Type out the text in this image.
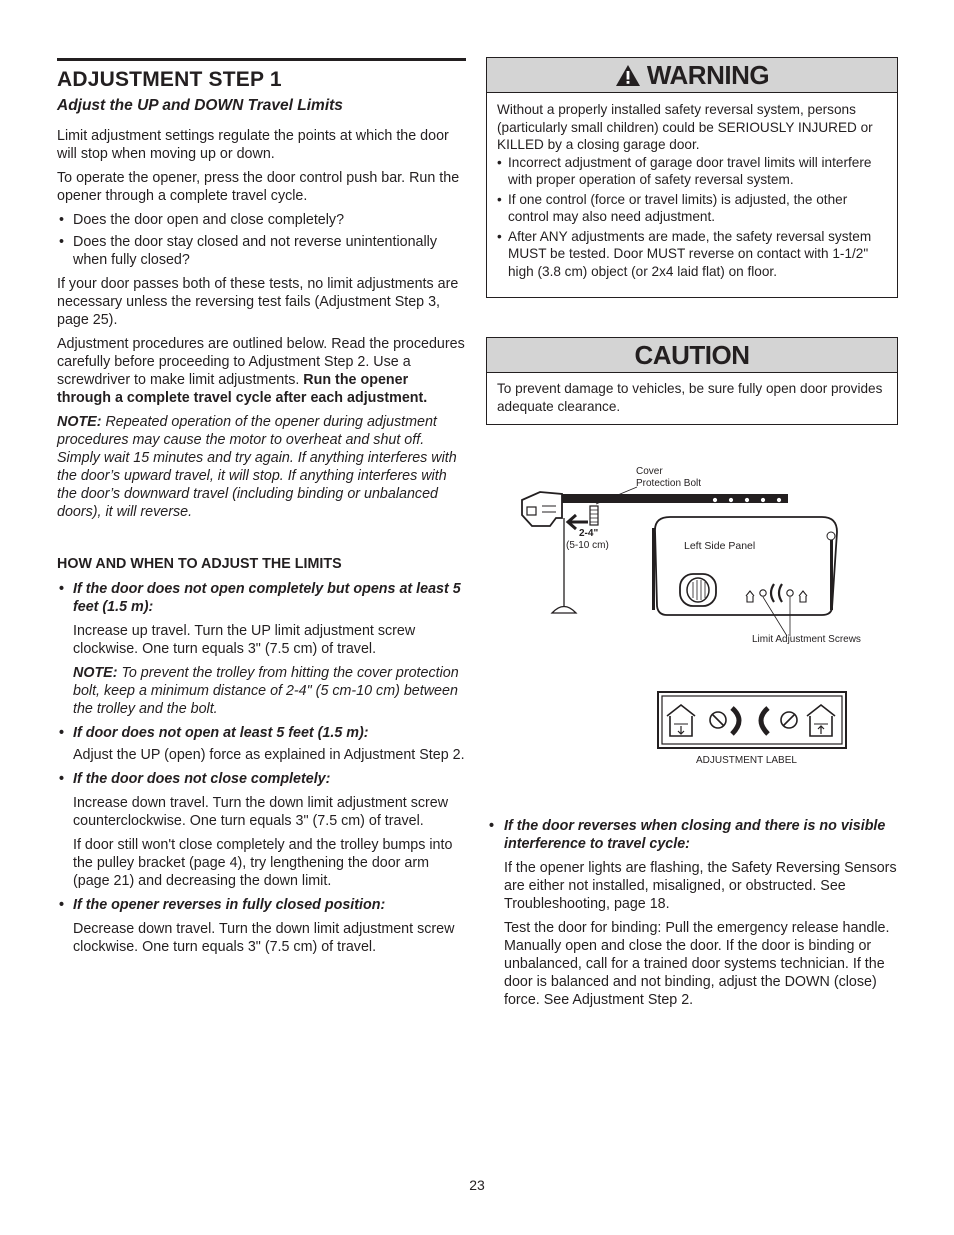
ADJUSTMENT STEP 1
Adjust the UP and DOWN Travel Limits

Limit adjustment settings regulate the points at which the door will stop when moving up or down.

To operate the opener, press the door control push bar. Run the opener through a complete travel cycle.

• Does the door open and close completely?
• Does the door stay closed and not reverse unintentionally when fully closed?

If your door passes both of these tests, no limit adjustments are necessary unless the reversing test fails (Adjustment Step 3, page 25).

Adjustment procedures are outlined below. Read the procedures carefully before proceeding to Adjustment Step 2. Use a screwdriver to make limit adjustments. Run the opener through a complete travel cycle after each adjustment.

NOTE: Repeated operation of the opener during adjustment procedures may cause the motor to overheat and shut off. Simply wait 15 minutes and try again. If anything interferes with the door’s upward travel, it will stop. If anything interferes with the door’s downward travel (including binding or unbalanced doors), it will reverse.

HOW AND WHEN TO ADJUST THE LIMITS
• If the door does not open completely but opens at least 5 feet (1.5 m):

Increase up travel. Turn the UP limit adjustment screw clockwise. One turn equals 3" (7.5 cm) of travel.

NOTE: To prevent the trolley from hitting the cover protection bolt, keep a minimum distance of 2-4" (5 cm-10 cm) between the trolley and the bolt.

• If door does not open at least 5 feet (1.5 m):

Adjust the UP (open) force as explained in Adjustment Step 2.

• If the door does not close completely:

Increase down travel. Turn the down limit adjustment screw counterclockwise. One turn equals 3" (7.5 cm) of travel.

If door still won't close completely and the trolley bumps into the pulley bracket (page 4), try lengthening the door arm (page 21) and decreasing the down limit.

• If the opener reverses in fully closed position:

Decrease down travel. Turn the down limit adjustment screw clockwise. One turn equals 3" (7.5 cm) of travel.

WARNING
Without a properly installed safety reversal system, persons (particularly small children) could be SERIOUSLY INJURED or KILLED by a closing garage door.
• Incorrect adjustment of garage door travel limits will interfere with proper operation of safety reversal system.
• If one control (force or travel limits) is adjusted, the other control may also need adjustment.
• After ANY adjustments are made, the safety reversal system MUST be tested. Door MUST reverse on contact with 1-1/2" high (3.8 cm) object (or 2x4 laid flat) on floor.
CAUTION
To prevent damage to vehicles, be sure fully open door provides adequate clearance.
Cover
Protection Bolt
2-4"
(5-10 cm)	Left Side Panel
Limit Adjustment Screws
ADJUSTMENT LABEL
• If the door reverses when closing and there is no visible interference to travel cycle:

If the opener lights are flashing, the Safety Reversing Sensors are either not installed, misaligned, or obstructed. See Troubleshooting, page 18.

Test the door for binding: Pull the emergency release handle. Manually open and close the door. If the door is binding or unbalanced, call for a trained door systems technician. If the door is balanced and not binding, adjust the DOWN (close) force. See Adjustment Step 2.

23
